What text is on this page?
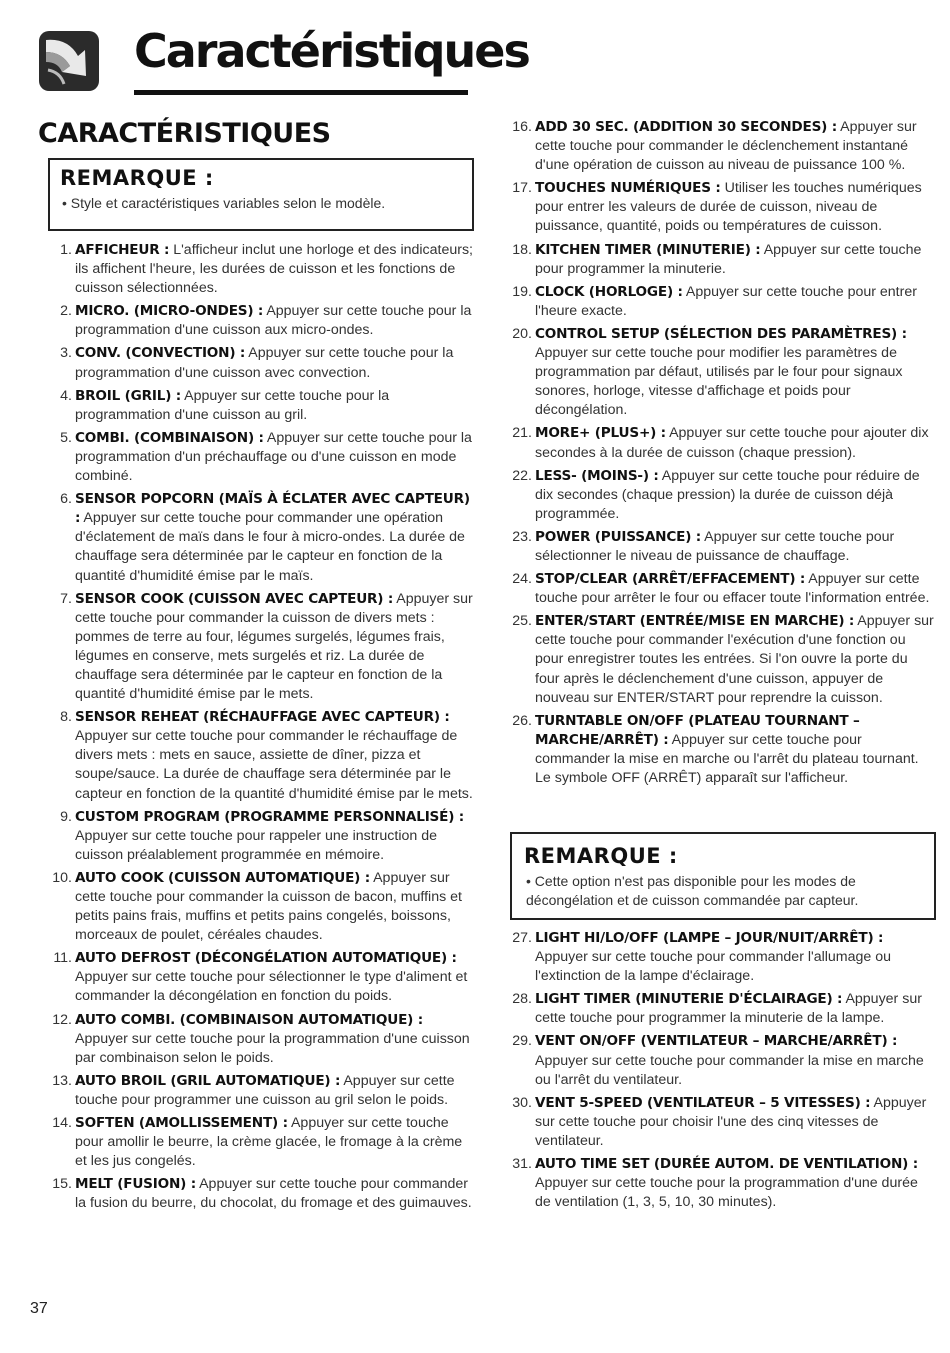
Caractéristiques
CARACTÉRISTIQUES
REMARQUE :

• Style et caractéristiques variables selon le modèle.

1. AFFICHEUR : L'afficheur inclut une horloge et des indicateurs; ils affichent l'heure, les durées de cuisson et les fonctions de cuisson sélectionnées.
2. MICRO. (MICRO-ONDES) : Appuyer sur cette touche pour la programmation d'une cuisson aux micro-ondes.
3. CONV. (CONVECTION) : Appuyer sur cette touche pour la programmation d'une cuisson avec convection.
4. BROIL (GRIL) : Appuyer sur cette touche pour la programmation d'une cuisson au gril.
5. COMBI. (COMBINAISON) : Appuyer sur cette touche pour la programmation d'un préchauffage ou d'une cuisson en mode combiné.
6. SENSOR POPCORN (MAÏS À ÉCLATER AVEC CAPTEUR) : Appuyer sur cette touche pour commander une opération d'éclatement de maïs dans le four à micro-ondes. La durée de chauffage sera déterminée par le capteur en fonction de la quantité d'humidité émise par le maïs.
7. SENSOR COOK (CUISSON AVEC CAPTEUR) : Appuyer sur cette touche pour commander la cuisson de divers mets : pommes de terre au four, légumes surgelés, légumes frais, légumes en conserve, mets surgelés et riz. La durée de chauffage sera déterminée par le capteur en fonction de la quantité d'humidité émise par le mets.
8. SENSOR REHEAT (RÉCHAUFFAGE AVEC CAPTEUR) : Appuyer sur cette touche pour commander le réchauffage de divers mets : mets en sauce, assiette de dîner, pizza et soupe/sauce. La durée de chauffage sera déterminée par le capteur en fonction de la quantité d'humidité émise par le mets.
9. CUSTOM PROGRAM (PROGRAMME PERSONNALISÉ) : Appuyer sur cette touche pour rappeler une instruction de cuisson préalablement programmée en mémoire.
10. AUTO COOK (CUISSON AUTOMATIQUE) : Appuyer sur cette touche pour commander la cuisson de bacon, muffins et petits pains frais, muffins et petits pains congelés, boissons, morceaux de poulet, céréales chaudes.
11. AUTO DEFROST (DÉCONGÉLATION AUTOMATIQUE) : Appuyer sur cette touche pour sélectionner le type d'aliment et commander la décongélation en fonction du poids.
12. AUTO COMBI. (COMBINAISON AUTOMATIQUE) : Appuyer sur cette touche pour la programmation d'une cuisson par combinaison selon le poids.
13. AUTO BROIL (GRIL AUTOMATIQUE) : Appuyer sur cette touche pour programmer une cuisson au gril selon le poids.
14. SOFTEN (AMOLLISSEMENT) : Appuyer sur cette touche pour amollir le beurre, la crème glacée, le fromage à la crème et les jus congelés.
15. MELT (FUSION) : Appuyer sur cette touche pour commander la fusion du beurre, du chocolat, du fromage et des guimauves.
16. ADD 30 SEC. (ADDITION 30 SECONDES) : Appuyer sur cette touche pour commander le déclenchement instantané d'une opération de cuisson au niveau de puissance 100 %.
17. TOUCHES NUMÉRIQUES : Utiliser les touches numériques pour entrer les valeurs de durée de cuisson, niveau de puissance, quantité, poids ou températures de cuisson.
18. KITCHEN TIMER (MINUTERIE) : Appuyer sur cette touche pour programmer la minuterie.
19. CLOCK (HORLOGE) : Appuyer sur cette touche pour entrer l'heure exacte.
20. CONTROL SETUP (SÉLECTION DES PARAMÈTRES) : Appuyer sur cette touche pour modifier les paramètres de programmation par défaut, utilisés par le four pour signaux sonores, horloge, vitesse d'affichage et poids pour décongélation.
21. MORE+ (PLUS+) : Appuyer sur cette touche pour ajouter dix secondes à la durée de cuisson (chaque pression).
22. LESS- (MOINS-) : Appuyer sur cette touche pour réduire de dix secondes (chaque pression) la durée de cuisson déjà programmée.
23. POWER (PUISSANCE) : Appuyer sur cette touche pour sélectionner le niveau de puissance de chauffage.
24. STOP/CLEAR (ARRÊT/EFFACEMENT) : Appuyer sur cette touche pour arrêter le four ou effacer toute l'information entrée.
25. ENTER/START (ENTRÉE/MISE EN MARCHE) : Appuyer sur cette touche pour commander l'exécution d'une fonction ou pour enregistrer toutes les entrées. Si l'on ouvre la porte du four après le déclenchement d'une cuisson, appuyer de nouveau sur ENTER/START pour reprendre la cuisson.
26. TURNTABLE ON/OFF (PLATEAU TOURNANT – MARCHE/ARRÊT) : Appuyer sur cette touche pour commander la mise en marche ou l'arrêt du plateau tournant. Le symbole OFF (ARRÊT) apparaît sur l'afficheur.
REMARQUE :

• Cette option n'est pas disponible pour les modes de décongélation et de cuisson commandée par capteur.

27. LIGHT HI/LO/OFF (LAMPE – JOUR/NUIT/ARRÊT) : Appuyer sur cette touche pour commander l'allumage ou l'extinction de la lampe d'éclairage.
28. LIGHT TIMER (MINUTERIE D'ÉCLAIRAGE) : Appuyer sur cette touche pour programmer la minuterie de la lampe.
29. VENT ON/OFF (VENTILATEUR – MARCHE/ARRÊT) : Appuyer sur cette touche pour commander la mise en marche ou l'arrêt du ventilateur.
30. VENT 5-SPEED (VENTILATEUR – 5 VITESSES) : Appuyer sur cette touche pour choisir l'une des cinq vitesses de ventilateur.
31. AUTO TIME SET (DURÉE AUTOM. DE VENTILATION) : Appuyer sur cette touche pour la programmation d'une durée de ventilation (1, 3, 5, 10, 30 minutes).
37
